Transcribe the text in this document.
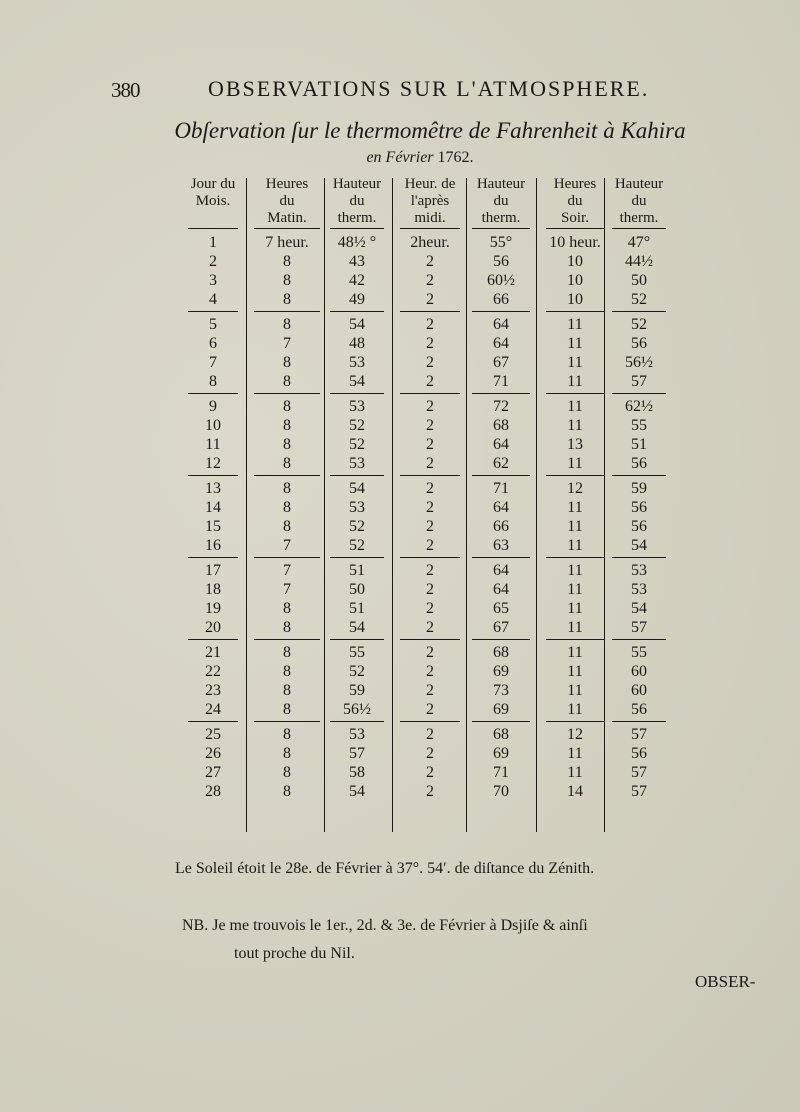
380	OBSERVATIONS SUR L'ATMOSPHERE.
Obſervation ſur le thermomêtre de Fahrenheit à Kahira
en Février 1762.
Jour du
Mois.
Heures
du
Matin.
Hauteur
du
therm.
Heur. de
l'après
midi.
Hauteur
du
therm.
Heures
du
Soir.
Hauteur
du
therm.
1	7 heur.	48½ °	2heur.	55°	10 heur.	47°
2	8	43	2	56	10	44½
3	8	42	2	60½	10	50
4	8	49	2	66	10	52
5	8	54	2	64	11	52
6	7	48	2	64	11	56
7	8	53	2	67	11	56½
8	8	54	2	71	11	57
9	8	53	2	72	11	62½
10	8	52	2	68	11	55
11	8	52	2	64	13	51
12	8	53	2	62	11	56
13	8	54	2	71	12	59
14	8	53	2	64	11	56
15	8	52	2	66	11	56
16	7	52	2	63	11	54
17	7	51	2	64	11	53
18	7	50	2	64	11	53
19	8	51	2	65	11	54
20	8	54	2	67	11	57
21	8	55	2	68	11	55
22	8	52	2	69	11	60
23	8	59	2	73	11	60
24	8	56½	2	69	11	56
25	8	53	2	68	12	57
26	8	57	2	69	11	56
27	8	58	2	71	11	57
28	8	54	2	70	14	57
Le Soleil étoit le 28e. de Février à 37°. 54′. de diſtance du Zénith.
NB. Je me trouvois le 1er., 2d. & 3e. de Février à Dsjiſe & ainſi
tout proche du Nil.
OBSER-
